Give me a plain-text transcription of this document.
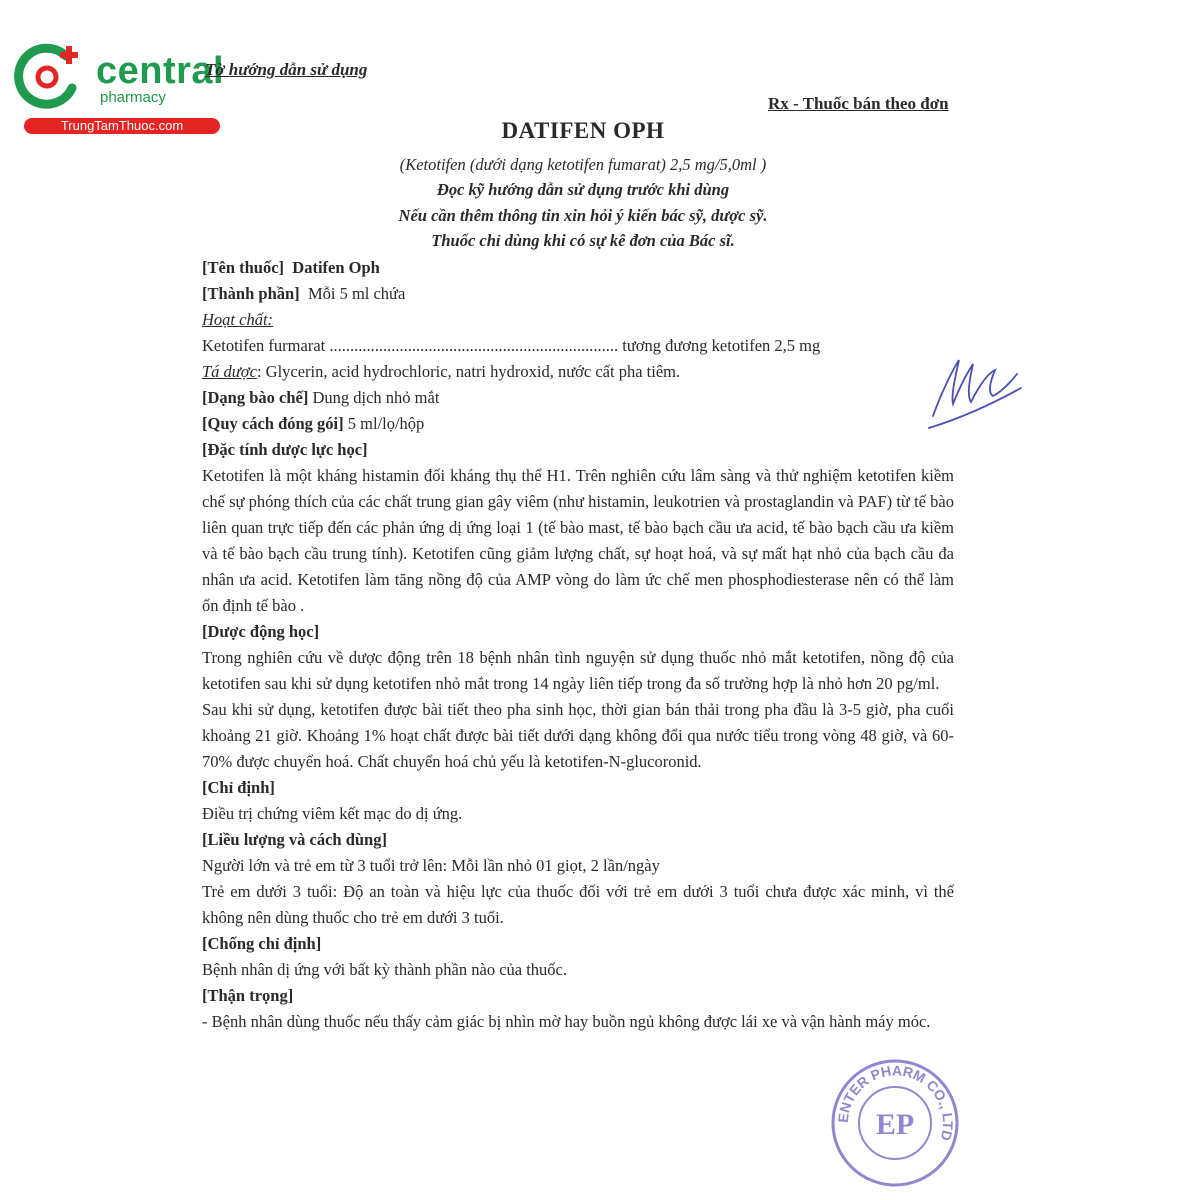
central
pharmacy
TrungTamThuoc.com
Tờ hướng dẫn sử dụng
Rx - Thuốc bán theo đơn
DATIFEN OPH
(Ketotifen (dưới dạng ketotifen fumarat) 2,5 mg/5,0ml )
Đọc kỹ hướng dẫn sử dụng trước khi dùng
Nếu cần thêm thông tin xin hỏi ý kiến bác sỹ, dược sỹ.
Thuốc chỉ dùng khi có sự kê đơn của Bác sĩ.

[Tên thuốc] Datifen Oph

[Thành phần] Mỗi 5 ml chứa

Hoạt chất:

Ketotifen furmarat ...................................................................... tương đương ketotifen 2,5 mg

Tá dược: Glycerin, acid hydrochloric, natri hydroxid, nước cất pha tiêm.

[Dạng bào chế] Dung dịch nhỏ mắt

[Quy cách đóng gói] 5 ml/lọ/hộp

[Đặc tính dược lực học]

Ketotifen là một kháng histamin đối kháng thụ thể H1. Trên nghiên cứu lâm sàng và thử nghiệm ketotifen kiềm chế sự phóng thích của các chất trung gian gây viêm (như histamin, leukotrien và prostaglandin và PAF) từ tế bào liên quan trực tiếp đến các phản ứng dị ứng loại 1 (tế bào mast, tế bào bạch cầu ưa acid, tế bào bạch cầu ưa kiềm và tế bào bạch cầu trung tính). Ketotifen cũng giảm lượng chất, sự hoạt hoá, và sự mất hạt nhỏ của bạch cầu đa nhân ưa acid. Ketotifen làm tăng nồng độ của AMP vòng do làm ức chế men phosphodiesterase nên có thể làm ổn định tế bào .

[Dược động học]

Trong nghiên cứu về dược động trên 18 bệnh nhân tình nguyện sử dụng thuốc nhỏ mắt ketotifen, nồng độ của ketotifen sau khi sử dụng ketotifen nhỏ mắt trong 14 ngày liên tiếp trong đa số trường hợp là nhỏ hơn 20 pg/ml.

Sau khi sử dụng, ketotifen được bài tiết theo pha sinh học, thời gian bán thải trong pha đầu là 3-5 giờ, pha cuối khoảng 21 giờ. Khoảng 1% hoạt chất được bài tiết dưới dạng không đổi qua nước tiểu trong vòng 48 giờ, và 60- 70% được chuyển hoá. Chất chuyển hoá chủ yếu là ketotifen-N-glucoronid.

[Chỉ định]

Điều trị chứng viêm kết mạc do dị ứng.

[Liều lượng và cách dùng]

Người lớn và trẻ em từ 3 tuổi trở lên: Mỗi lần nhỏ 01 giọt, 2 lần/ngày

Trẻ em dưới 3 tuổi: Độ an toàn và hiệu lực của thuốc đối với trẻ em dưới 3 tuổi chưa được xác minh, vì thế không nên dùng thuốc cho trẻ em dưới 3 tuổi.

[Chống chỉ định]

Bệnh nhân dị ứng với bất kỳ thành phần nào của thuốc.

[Thận trọng]

- Bệnh nhân dùng thuốc nếu thấy cảm giác bị nhìn mờ hay buồn ngủ không được lái xe và vận hành máy móc.

ENTER PHARM CO., LTD
EP
